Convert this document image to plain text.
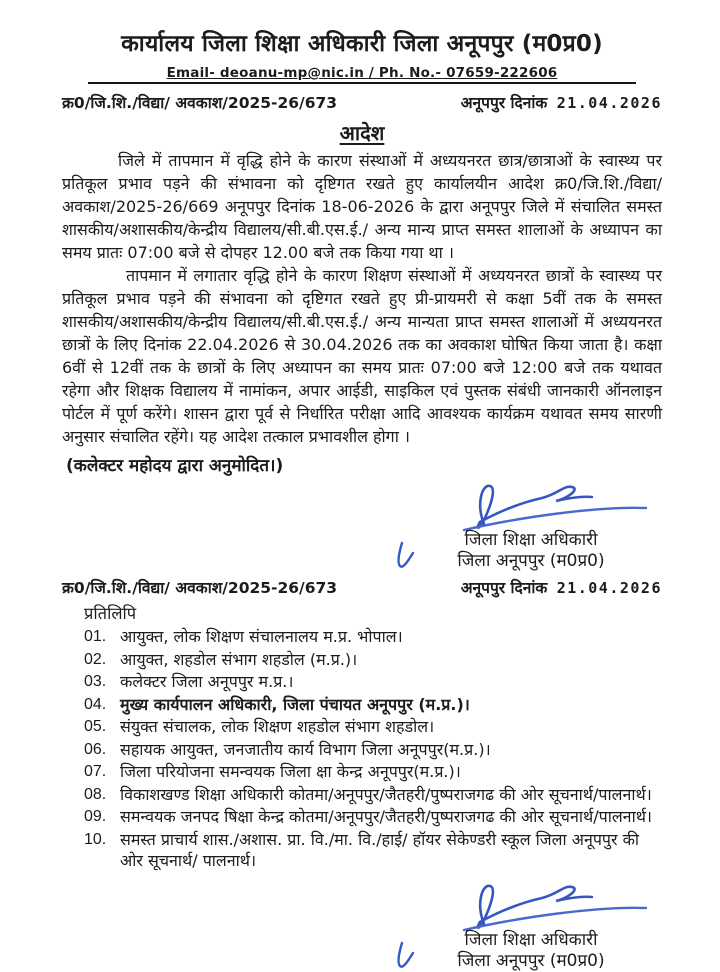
कार्यालय जिला शिक्षा अधिकारी जिला अनूपपुर (म0प्र0)
Email- deoanu-mp@nic.in / Ph. No.- 07659-222606
क्र0/जि.शि./विद्या/ अवकाश/2025-26/673	अनूपपुर दिनांक 21.04.2026
आदेश
जिले में तापमान में वृद्धि होने के कारण संस्थाओं में अध्ययनरत छात्र/छात्राओं के स्वास्थ्य पर प्रतिकूल प्रभाव पड़ने की संभावना को दृष्टिगत रखते हुए कार्यालयीन आदेश क्र0/जि.शि./विद्या/ अवकाश/2025-26/669 अनूपपुर दिनांक 18-06-2026 के द्वारा अनूपपुर जिले में संचालित समस्त शासकीय/अशासकीय/केन्द्रीय विद्यालय/सी.बी.एस.ई./ अन्य मान्य प्राप्त समस्त शालाओं के अध्यापन का समय प्रातः 07:00 बजे से दोपहर 12.00 बजे तक किया गया था ।
तापमान में लगातार वृद्धि होने के कारण शिक्षण संस्थाओं में अध्ययनरत छात्रों के स्वास्थ्य पर प्रतिकूल प्रभाव पड़ने की संभावना को दृष्टिगत रखते हुए प्री-प्रायमरी से कक्षा 5वीं तक के समस्त शासकीय/अशासकीय/केन्द्रीय विद्यालय/सी.बी.एस.ई./ अन्य मान्यता प्राप्त समस्त शालाओं में अध्ययनरत छात्रों के लिए दिनांक 22.04.2026 से 30.04.2026 तक का अवकाश घोषित किया जाता है। कक्षा 6वीं से 12वीं तक के छात्रों के लिए अध्यापन का समय प्रातः 07:00 बजे 12:00 बजे तक यथावत रहेगा और शिक्षक विद्यालय में नामांकन, अपार आईडी, साइकिल एवं पुस्तक संबंधी जानकारी ऑनलाइन पोर्टल में पूर्ण करेंगे। शासन द्वारा पूर्व से निर्धारित परीक्षा आदि आवश्यक कार्यक्रम यथावत समय सारणी अनुसार संचालित रहेंगे। यह आदेश तत्काल प्रभावशील होगा ।
(कलेक्टर महोदय द्वारा अनुमोदित।)
जिला शिक्षा अधिकारी
जिला अनूपपुर (म0प्र0)
क्र0/जि.शि./विद्या/ अवकाश/2025-26/673	अनूपपुर दिनांक 21.04.2026
प्रतिलिपि
01. आयुक्त, लोक शिक्षण संचालनालय म.प्र. भोपाल।
02. आयुक्त, शहडोल संभाग शहडोल (म.प्र.)।
03. कलेक्टर जिला अनूपपुर म.प्र.।
04. मुख्य कार्यपालन अधिकारी, जिला पंचायत अनूपपुर (म.प्र.)।
05. संयुक्त संचालक, लोक शिक्षण शहडोल संभाग शहडोल।
06. सहायक आयुक्त, जनजातीय कार्य विभाग जिला अनूपपुर(म.प्र.)।
07. जिला परियोजना समन्वयक जिला क्षा केन्द्र अनूपपुर(म.प्र.)।
08. विकाशखण्ड शिक्षा अधिकारी कोतमा/अनूपपुर/जैतहरी/पुष्पराजगढ की ओर सूचनार्थ/पालनार्थ।
09. समन्वयक जनपद षिक्षा केन्द्र कोतमा/अनूपपुर/जैतहरी/पुष्पराजगढ की ओर सूचनार्थ/पालनार्थ।
10. समस्त प्राचार्य शास./अशास. प्रा. वि./मा. वि./हाई/ हॉयर सेकेण्डरी स्कूल जिला अनूपपुर की ओर सूचनार्थ/ पालनार्थ।
जिला शिक्षा अधिकारी
जिला अनूपपुर (म0प्र0)
